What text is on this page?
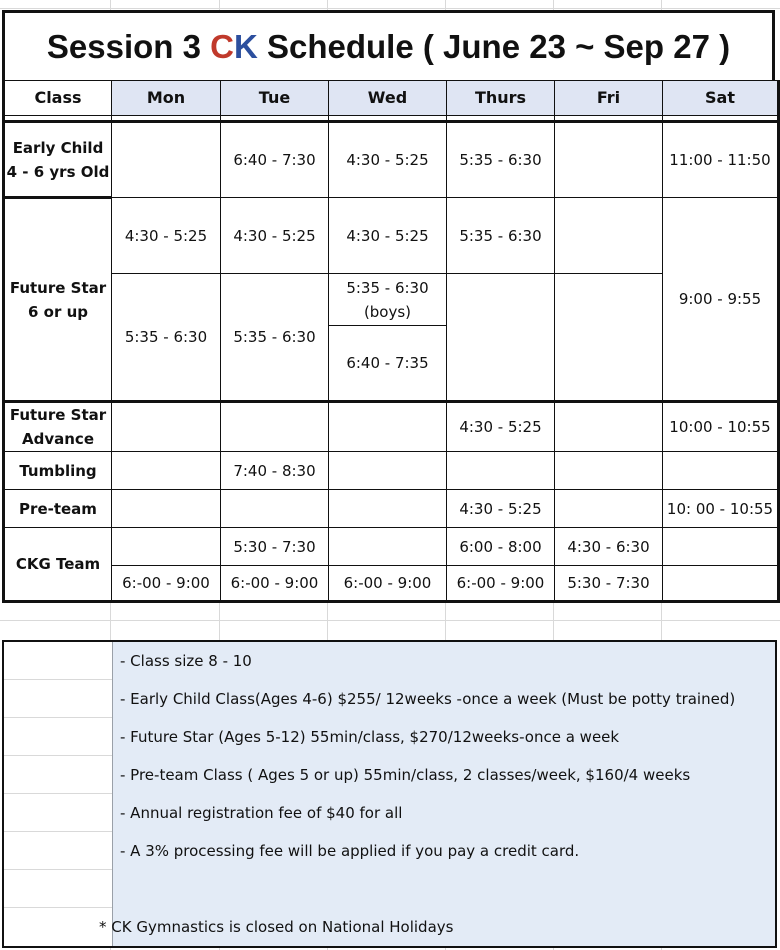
Session 3 CK Schedule ( June 23 ~ Sep 27 )
Class	Mon	Tue	Wed	Thurs	Fri	Sat

Early Child
4 - 6 yrs Old		6:40 - 7:30	4:30 - 5:25	5:35 - 6:30		11:00 - 11:50

Future Star
6 or up	4:30 - 5:25	4:30 - 5:25	4:30 - 5:25	5:35 - 6:30		9:00 - 9:55
	5:35 - 6:30	5:35 - 6:30	5:35 - 6:30
(boys)			

			6:40 - 7:35			

Future Star
Advance				4:30 - 5:25		10:00 - 10:55
Tumbling		7:40 - 8:30				
Pre-team				4:30 - 5:25		10: 00 - 10:55
CKG Team		5:30 - 7:30		6:00 - 8:00	4:30 - 6:30	
	6:-00 - 9:00	6:-00 - 9:00	6:-00 - 9:00	6:-00 - 9:00	5:30 - 7:30	
- Class size 8 - 10
- Early Child Class(Ages 4-6) $255/ 12weeks -once a week (Must be potty trained)
- Future Star (Ages 5-12) 55min/class, $270/12weeks-once a week
- Pre-team Class ( Ages 5 or up) 55min/class, 2 classes/week, $160/4 weeks
- Annual registration fee of $40 for all
- A 3% processing fee will be applied if you pay a credit card.
* CK Gymnastics is closed on National Holidays
